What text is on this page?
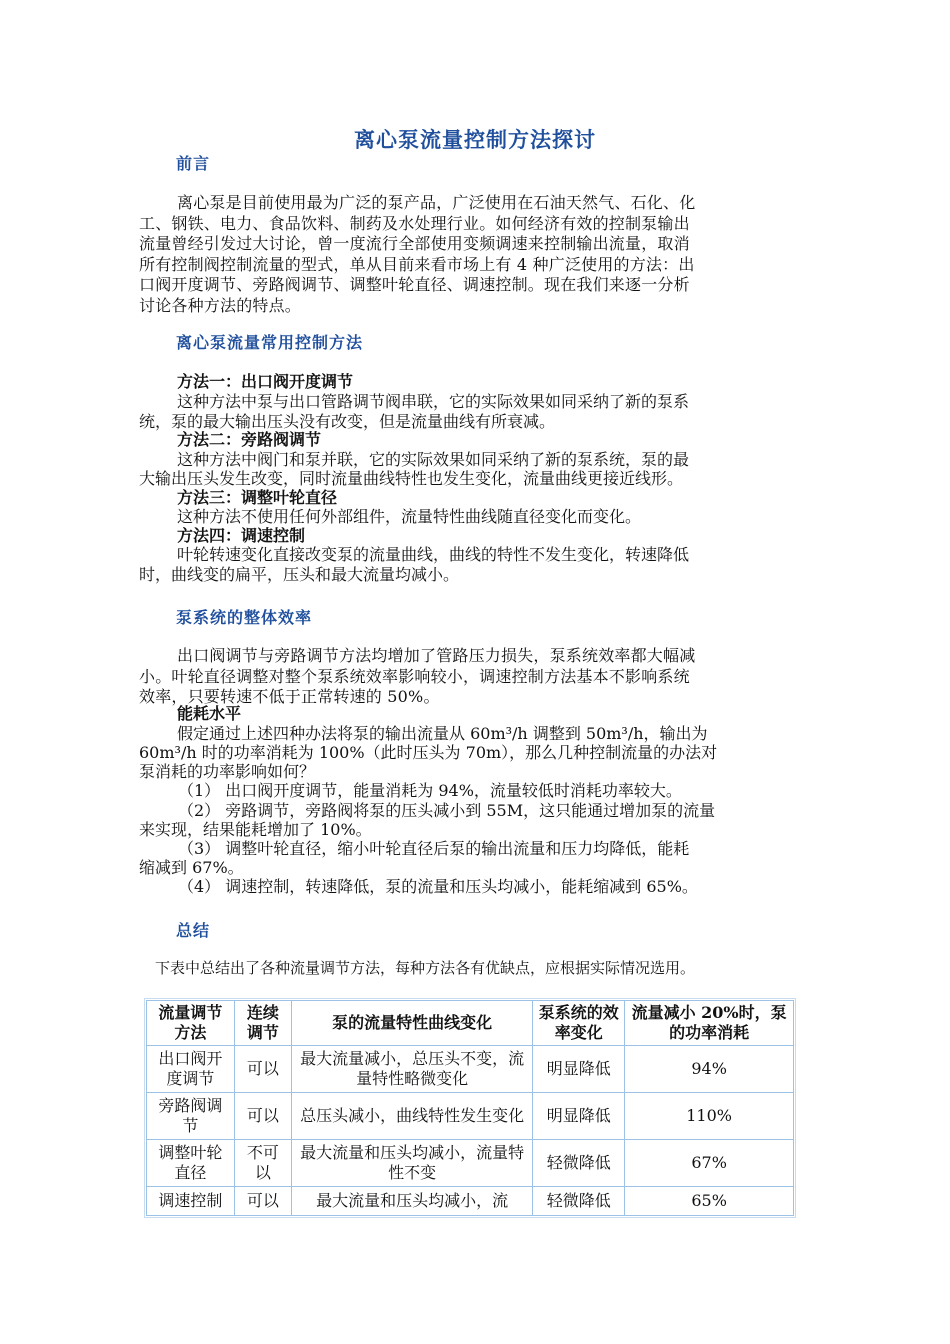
离心泵流量控制方法探讨
前言
离心泵是目前使用最为广泛的泵产品，广泛使用在石油天然气、石化、化
工、钢铁、电力、食品饮料、制药及水处理行业。如何经济有效的控制泵输出
流量曾经引发过大讨论，曾一度流行全部使用变频调速来控制输出流量，取消
所有控制阀控制流量的型式，单从目前来看市场上有 4 种广泛使用的方法：出
口阀开度调节、旁路阀调节、调整叶轮直径、调速控制。现在我们来逐一分析
讨论各种方法的特点。
离心泵流量常用控制方法
方法一：出口阀开度调节
这种方法中泵与出口管路调节阀串联，它的实际效果如同采纳了新的泵系
统，泵的最大输出压头没有改变，但是流量曲线有所衰减。
方法二：旁路阀调节
这种方法中阀门和泵并联，它的实际效果如同采纳了新的泵系统，泵的最
大输出压头发生改变，同时流量曲线特性也发生变化，流量曲线更接近线形。
方法三：调整叶轮直径
这种方法不使用任何外部组件，流量特性曲线随直径变化而变化。
方法四：调速控制
叶轮转速变化直接改变泵的流量曲线，曲线的特性不发生变化，转速降低
时，曲线变的扁平，压头和最大流量均减小。
泵系统的整体效率
出口阀调节与旁路调节方法均增加了管路压力损失，泵系统效率都大幅减
小。叶轮直径调整对整个泵系统效率影响较小，调速控制方法基本不影响系统
效率，只要转速不低于正常转速的 50%。
能耗水平
假定通过上述四种办法将泵的输出流量从 60m³/h 调整到 50m³/h，输出为
60m³/h 时的功率消耗为 100%（此时压头为 70m），那么几种控制流量的办法对
泵消耗的功率影响如何？
（1） 出口阀开度调节，能量消耗为 94%，流量较低时消耗功率较大。
（2） 旁路调节，旁路阀将泵的压头减小到 55M，这只能通过增加泵的流量
来实现，结果能耗增加了 10%。
（3） 调整叶轮直径，缩小叶轮直径后泵的输出流量和压力均降低，能耗
缩减到 67%。
（4） 调速控制，转速降低，泵的流量和压头均减小，能耗缩减到 65%。
总结
下表中总结出了各种流量调节方法，每种方法各有优缺点，应根据实际情况选用。
流量调节方法	连续调节	泵的流量特性曲线变化	泵系统的效率变化	流量减小 20%时，泵的功率消耗
出口阀开度调节	可以	最大流量减小，总压头不变，流量特性略微变化	明显降低	94%
旁路阀调节	可以	总压头减小，曲线特性发生变化	明显降低	110%
调整叶轮直径	不可以	最大流量和压头均减小，流量特性不变	轻微降低	67%
调速控制	可以	最大流量和压头均减小，流	轻微降低	65%
